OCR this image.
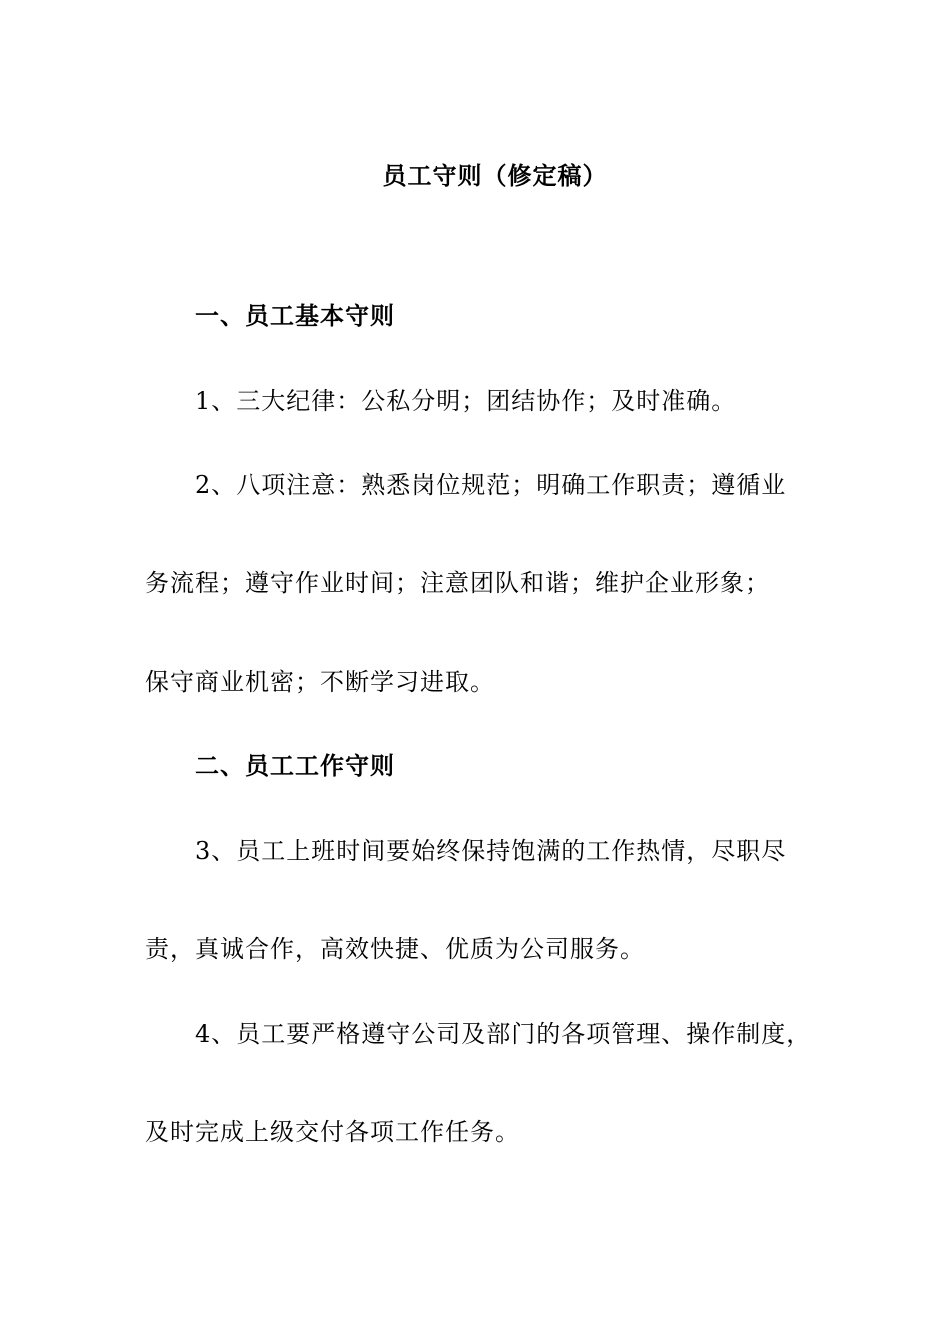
员工守则（修定稿）
一、员工基本守则
1、三大纪律：公私分明；团结协作；及时准确。
2、八项注意：熟悉岗位规范；明确工作职责；遵循业
务流程；遵守作业时间；注意团队和谐；维护企业形象；
保守商业机密；不断学习进取。
二、员工工作守则
3、员工上班时间要始终保持饱满的工作热情，尽职尽
责，真诚合作，高效快捷、优质为公司服务。
4、员工要严格遵守公司及部门的各项管理、操作制度，
及时完成上级交付各项工作任务。
